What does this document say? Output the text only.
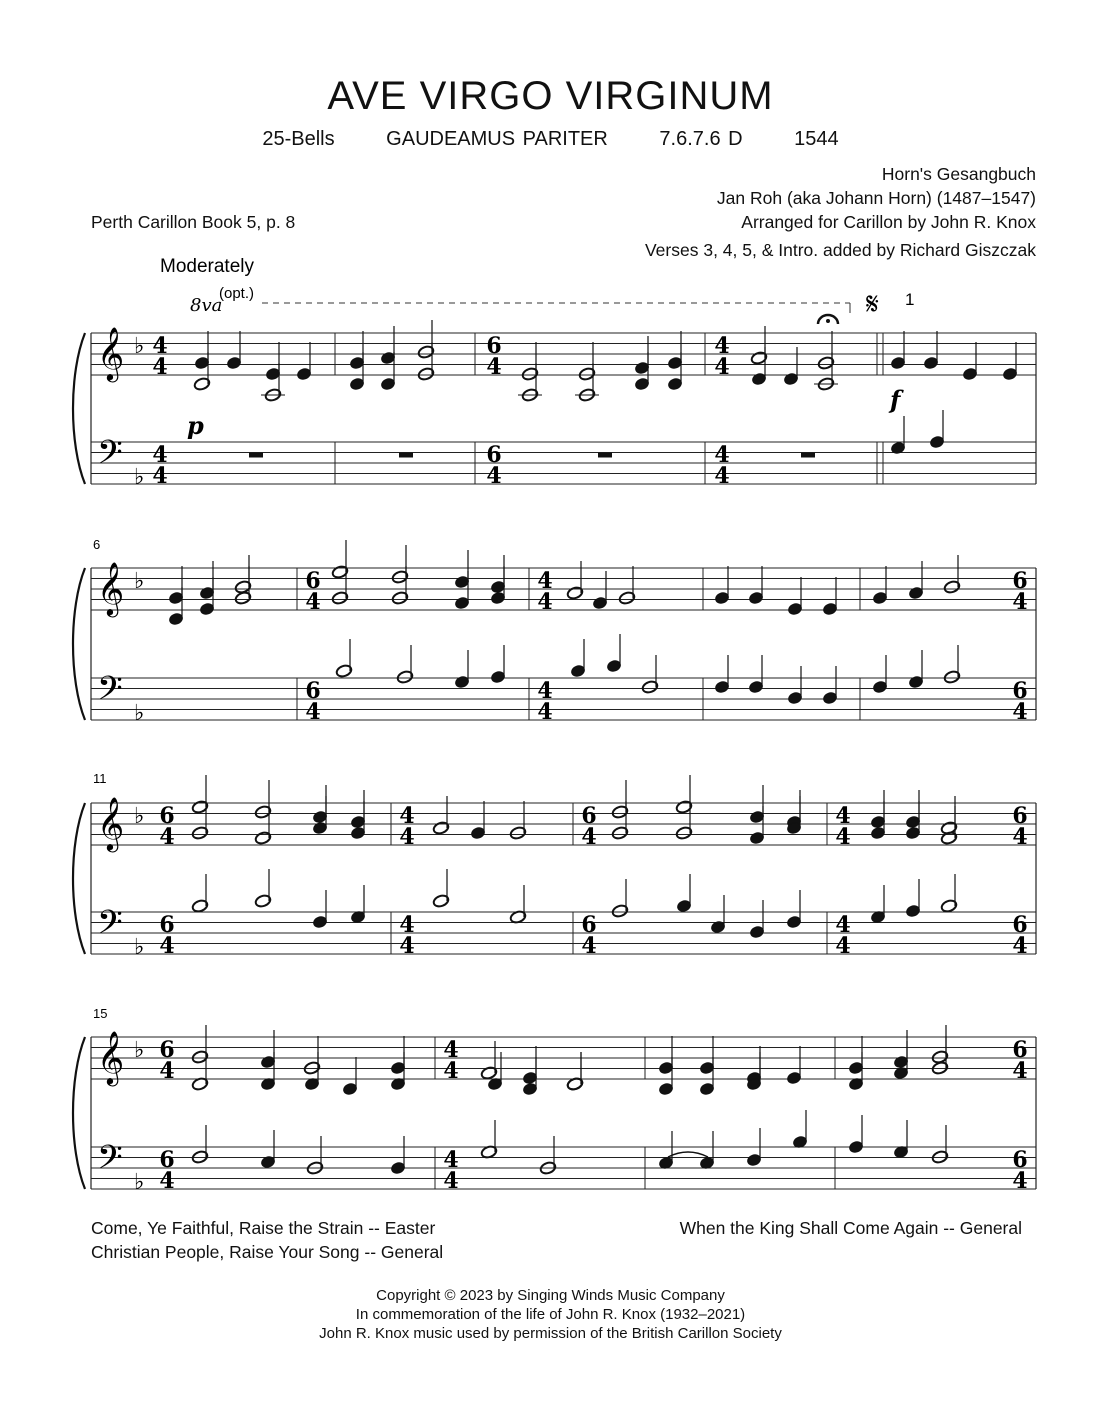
AVE VIRGO VIRGINUM
25-Bells	GAUDEAMUS PARITER	7.6.7.6 D	1544
Horn's Gesangbuch
Jan Roh (aka Johann Horn) (1487–1547)
Perth Carillon Book 5, p. 8	Arranged for Carillon by John R. Knox
Verses 3, 4, 5, & Intro. added by Richard Giszczak
𝄞
𝄢
♭
♭
4
4
4
4
6
4
6
4
4
4
4
4
𝄞
𝄢
♭
♭
6
4
6
4
4
4
4
4
6
4
6
4
𝄞
𝄢
♭
♭
6
4
6
4
4
4
4
4
6
4
6
4
4
4
4
4
6
4
6
4
𝄞
𝄢
♭
♭
6
4
6
4
4
4
4
4
6
4
6
4
Moderately
8va
(opt.)	𝄋 1
p
f
6
11
15
Come, Ye Faithful, Raise the Strain -- Easter
Christian People, Raise Your Song -- General
When the King Shall Come Again -- General
Copyright © 2023 by Singing Winds Music Company
In commemoration of the life of John R. Knox (1932–2021)
John R. Knox music used by permission of the British Carillon Society
